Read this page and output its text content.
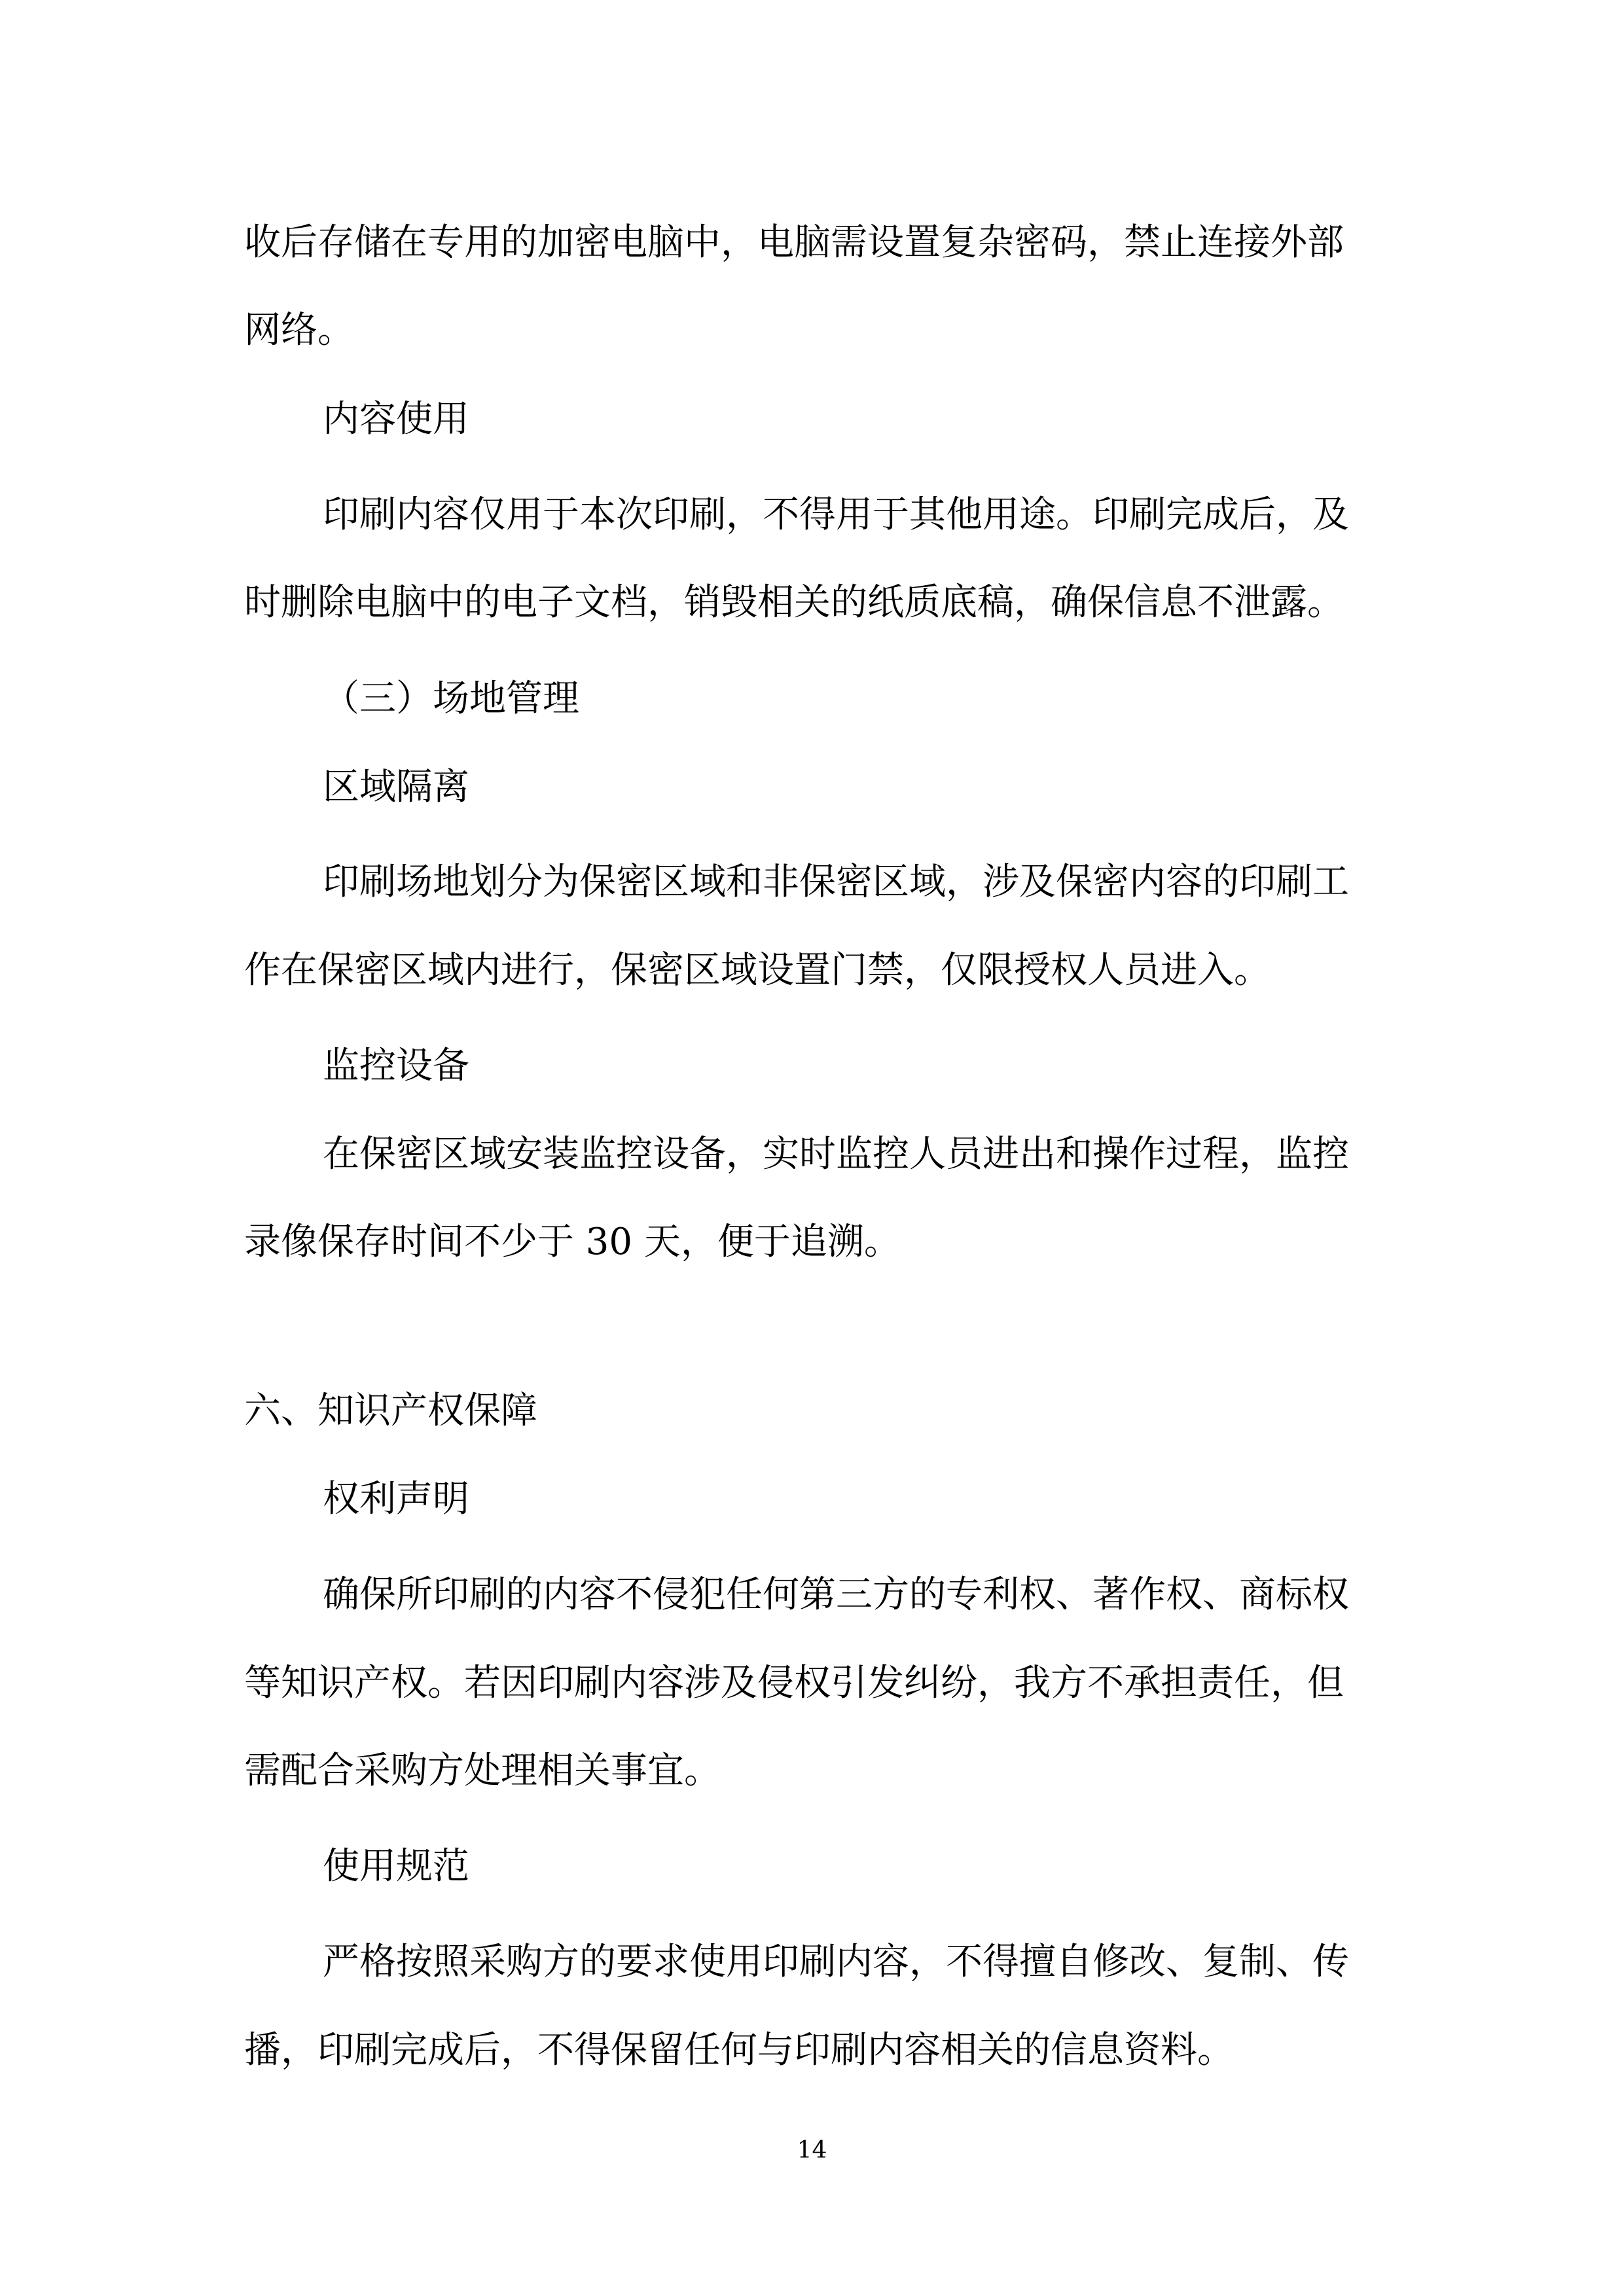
收后存储在专用的加密电脑中，电脑需设置复杂密码，禁止连接外部
网络。
内容使用
印刷内容仅用于本次印刷，不得用于其他用途。印刷完成后，及
时删除电脑中的电子文档，销毁相关的纸质底稿，确保信息不泄露。
（三）场地管理
区域隔离
印刷场地划分为保密区域和非保密区域，涉及保密内容的印刷工
作在保密区域内进行，保密区域设置门禁，仅限授权人员进入。
监控设备
在保密区域安装监控设备，实时监控人员进出和操作过程，监控
录像保存时间不少于 30 天，便于追溯。
六、知识产权保障
权利声明
确保所印刷的内容不侵犯任何第三方的专利权、著作权、商标权
等知识产权。若因印刷内容涉及侵权引发纠纷，我方不承担责任，但
需配合采购方处理相关事宜。
使用规范
严格按照采购方的要求使用印刷内容，不得擅自修改、复制、传
播，印刷完成后，不得保留任何与印刷内容相关的信息资料。
14
